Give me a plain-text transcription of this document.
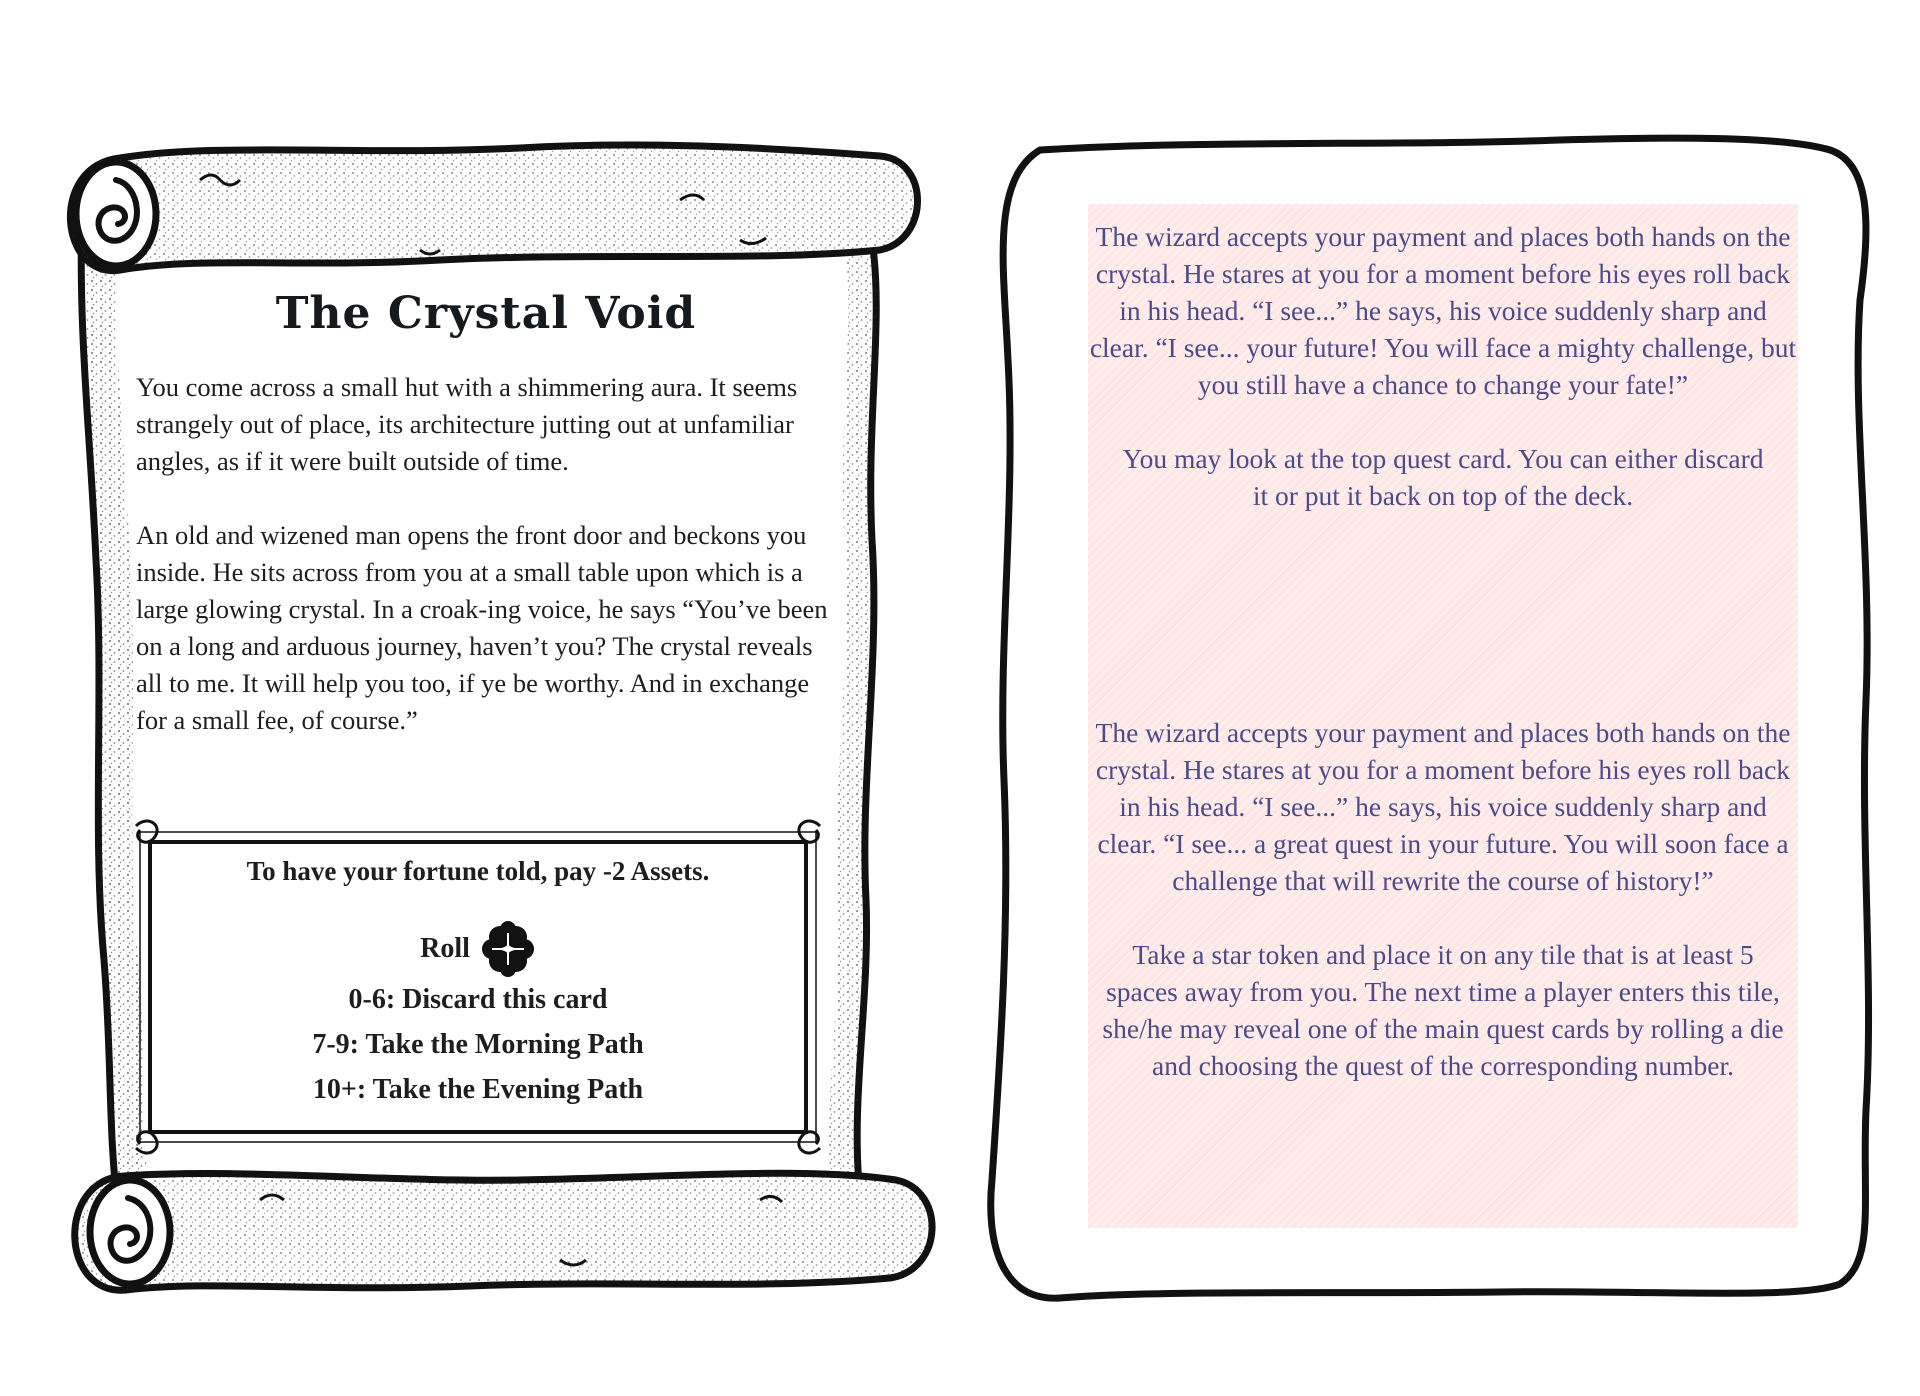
The Crystal Void

You come across a small hut with a shimmering aura. It seems strangely out of place, its architecture jutting out at unfamiliar angles, as if it were built outside of time.

An old and wizened man opens the front door and beckons you inside. He sits across from you at a small table upon which is a large glowing crystal. In a croak-ing voice, he says “You’ve been on a long and arduous journey, haven’t you? The crystal reveals all to me. It will help you too, if ye be worthy. And in exchange for a small fee, of course.”

To have your fortune told, pay -2 Assets.
Roll
0-6: Discard this card
7-9: Take the Morning Path
10+: Take the Evening Path

The wizard accepts your payment and places both hands on the crystal. He stares at you for a moment before his eyes roll back in his head. “I see...” he says, his voice suddenly sharp and clear. “I see... your future! You will face a mighty challenge, but you still have a chance to change your fate!”

You may look at the top quest card. You can either discard it or put it back on top of the deck.

The wizard accepts your payment and places both hands on the crystal. He stares at you for a moment before his eyes roll back in his head. “I see...” he says, his voice suddenly sharp and clear. “I see... a great quest in your future. You will soon face a challenge that will rewrite the course of history!”

Take a star token and place it on any tile that is at least 5 spaces away from you. The next time a player enters this tile, she/he may reveal one of the main quest cards by rolling a die and choosing the quest of the corresponding number.
